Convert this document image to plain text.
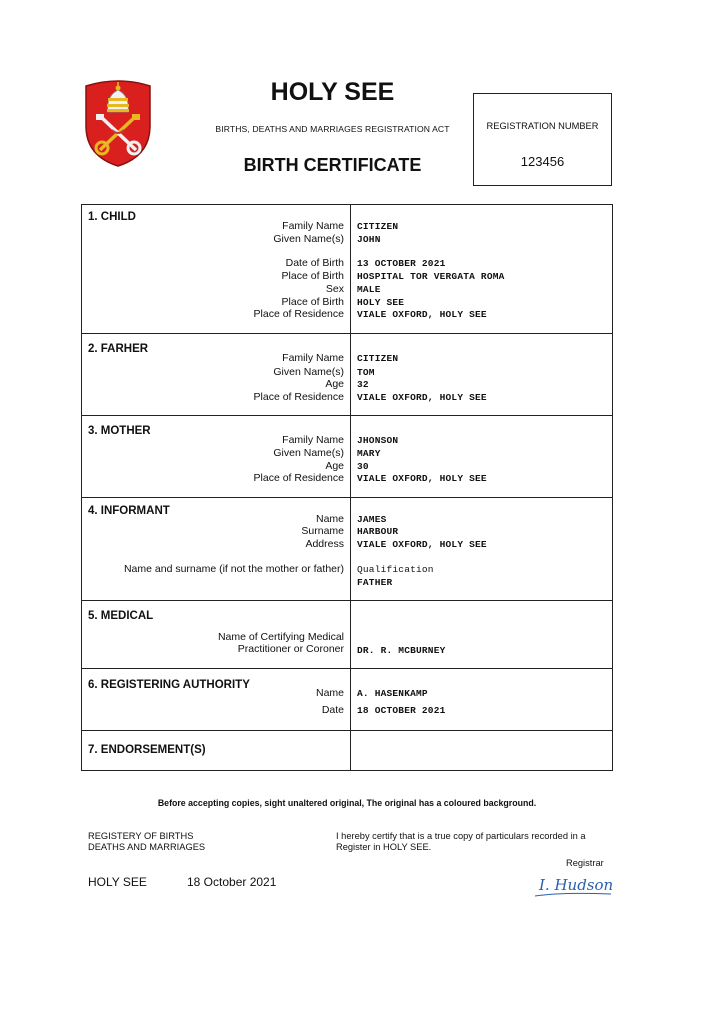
HOLY SEE
BIRTHS, DEATHS AND MARRIAGES REGISTRATION ACT
BIRTH CERTIFICATE
REGISTRATION NUMBER
123456
1. CHILD
Family Name CITIZEN
Given Name(s) JOHN
Date of Birth 13 OCTOBER 2021
Place of Birth HOSPITAL TOR VERGATA ROMA
Sex MALE
Place of Birth HOLY SEE
Place of Residence VIALE OXFORD, HOLY SEE
2. FARHER
Family Name CITIZEN
Given Name(s) TOM
Age 32
Place of Residence VIALE OXFORD, HOLY SEE
3. MOTHER
Family Name JHONSON
Given Name(s) MARY
Age 30
Place of Residence VIALE OXFORD, HOLY SEE
4. INFORMANT
Name JAMES
Surname HARBOUR
Address VIALE OXFORD, HOLY SEE
Name and surname (if not the mother or father) Qualification
FATHER
5. MEDICAL
Name of Certifying Medical
Practitioner or Coroner DR. R. MCBURNEY
6. REGISTERING AUTHORITY
Name A. HASENKAMP
Date 18 OCTOBER 2021
7. ENDORSEMENT(S)
Before accepting copies, sight unaltered original, The original has a coloured background.
REGISTERY OF BIRTHS
DEATHS AND MARRIAGES
I hereby certify that is a true copy of particulars recorded in a
Register in HOLY SEE.
Registrar
HOLY SEE	18 October 2021	I. Hudson
